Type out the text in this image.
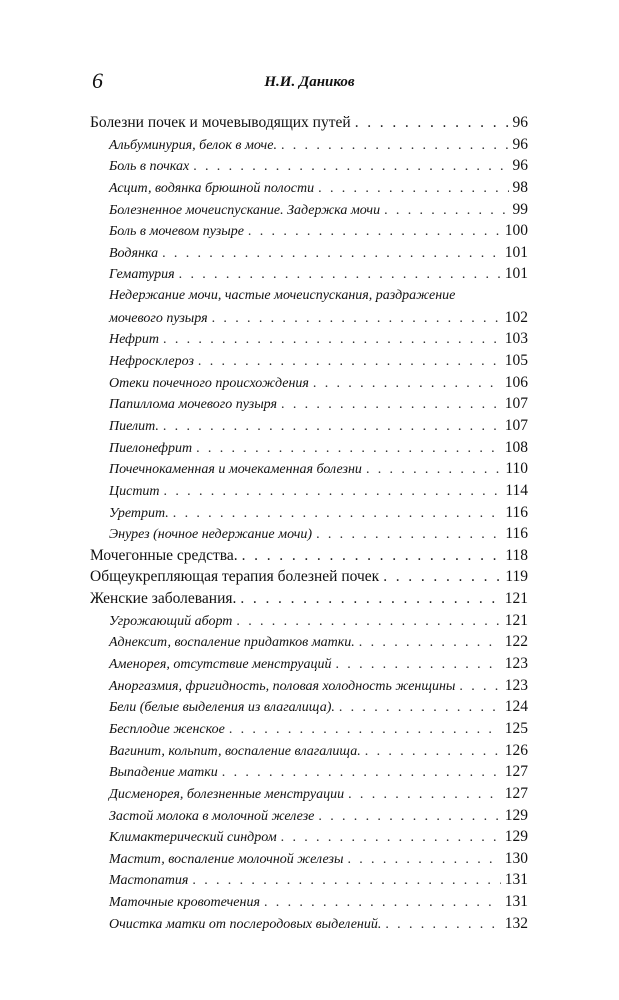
6	Н.И. Даников
Болезни почек и мочевыводящих путей . . .	96
Альбуминурия, белок в моче. . . .	96
Боль в почках . . .	96
Асцит, водянка брюшной полости . . .	98
Болезненное мочеиспускание. Задержка мочи . . .	99
Боль в мочевом пузыре . . .	100
Водянка . . .	101
Гематурия . . .	101
Недержание мочи, частые мочеиспускания, раздражение
мочевого пузыря . . .	102
Нефрит . . .	103
Нефросклероз . . .	105
Отеки почечного происхождения . . .	106
Папиллома мочевого пузыря . . .	107
Пиелит. . . .	107
Пиелонефрит . . .	108
Почечнокаменная и мочекаменная болезни . . .	110
Цистит . . .	114
Уретрит. . . .	116
Энурез (ночное недержание мочи) . . .	116
Мочегонные средства. . . .	118
Общеукрепляющая терапия болезней почек . . .	119
Женские заболевания. . . .	121
Угрожающий аборт . . .	121
Аднексит, воспаление придатков матки. . . .	122
Аменорея, отсутствие менструаций . . .	123
Аноргазмия, фригидность, половая холодность женщины . . .	123
Бели (белые выделения из влагалища). . . .	124
Бесплодие женское . . .	125
Вагинит, кольпит, воспаление влагалища. . . .	126
Выпадение матки . . .	127
Дисменорея, болезненные менструации . . .	127
Застой молока в молочной железе . . .	129
Климактерический синдром . . .	129
Мастит, воспаление молочной железы . . .	130
Мастопатия . . .	131
Маточные кровотечения . . .	131
Очистка матки от послеродовых выделений. . . .	132
